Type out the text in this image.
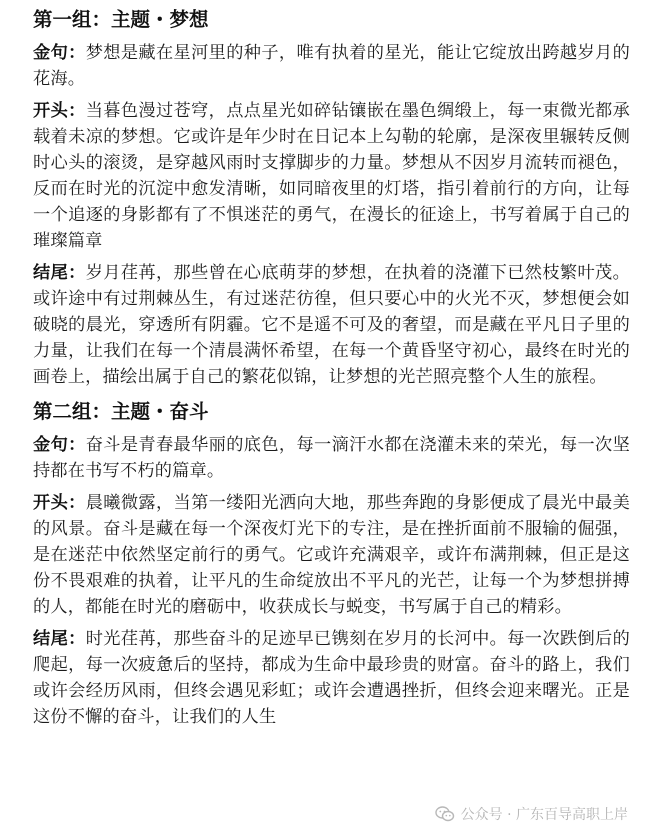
第一组：主题・梦想

金句：梦想是藏在星河里的种子，唯有执着的星光，能让它绽放出跨越岁月的花海。

开头：当暮色漫过苍穹，点点星光如碎钻镶嵌在墨色绸缎上，每一束微光都承载着未凉的梦想。它或许是年少时在日记本上勾勒的轮廓，是深夜里辗转反侧时心头的滚烫，是穿越风雨时支撑脚步的力量。梦想从不因岁月流转而褪色，反而在时光的沉淀中愈发清晰，如同暗夜里的灯塔，指引着前行的方向，让每一个追逐的身影都有了不惧迷茫的勇气，在漫长的征途上，书写着属于自己的璀璨篇章

结尾：岁月荏苒，那些曾在心底萌芽的梦想，在执着的浇灌下已然枝繁叶茂。或许途中有过荆棘丛生，有过迷茫彷徨，但只要心中的火光不灭，梦想便会如破晓的晨光，穿透所有阴霾。它不是遥不可及的奢望，而是藏在平凡日子里的力量，让我们在每一个清晨满怀希望，在每一个黄昏坚守初心，最终在时光的画卷上，描绘出属于自己的繁花似锦，让梦想的光芒照亮整个人生的旅程。

第二组：主题・奋斗

金句：奋斗是青春最华丽的底色，每一滴汗水都在浇灌未来的荣光，每一次坚持都在书写不朽的篇章。

开头：晨曦微露，当第一缕阳光洒向大地，那些奔跑的身影便成了晨光中最美的风景。奋斗是藏在每一个深夜灯光下的专注，是在挫折面前不服输的倔强，是在迷茫中依然坚定前行的勇气。它或许充满艰辛，或许布满荆棘，但正是这份不畏艰难的执着，让平凡的生命绽放出不平凡的光芒，让每一个为梦想拼搏的人，都能在时光的磨砺中，收获成长与蜕变，书写属于自己的精彩。

结尾：时光荏苒，那些奋斗的足迹早已镌刻在岁月的长河中。每一次跌倒后的爬起，每一次疲惫后的坚持，都成为生命中最珍贵的财富。奋斗的路上，我们或许会经历风雨，但终会遇见彩虹；或许会遭遇挫折，但终会迎来曙光。正是这份不懈的奋斗，让我们的人生

公众号 · 广东百导高职上岸
